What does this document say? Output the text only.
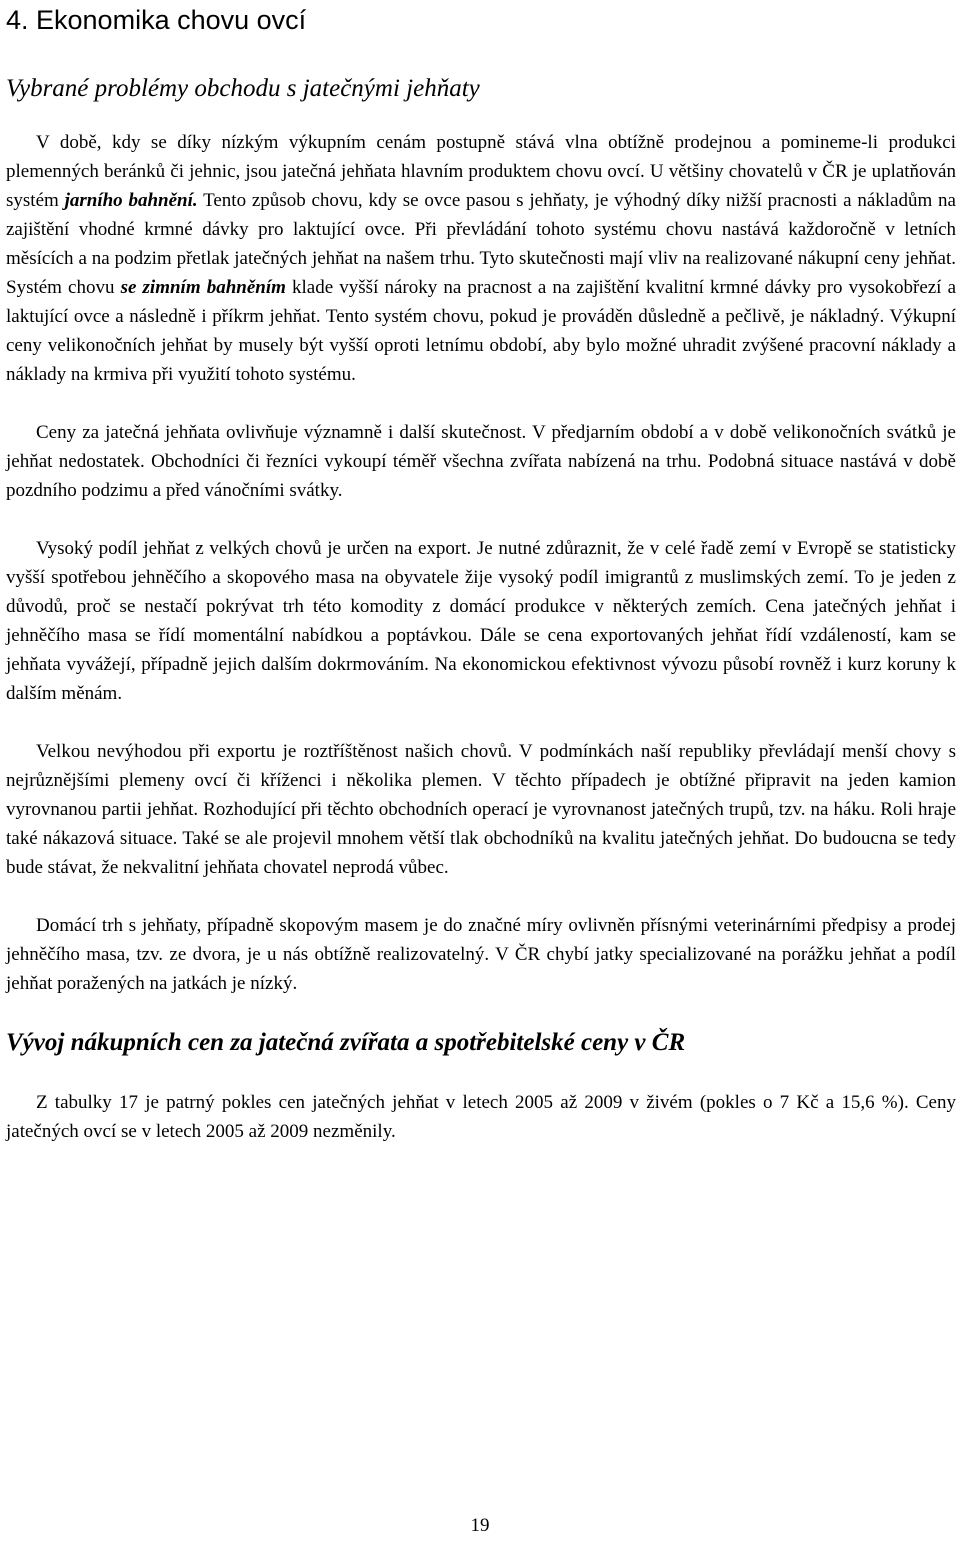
4. Ekonomika chovu ovcí
Vybrané problémy obchodu s jatečnými jehňaty

V době, kdy se díky nízkým výkupním cenám postupně stává vlna obtížně prodejnou a pomineme-li produkci plemenných beránků či jehnic, jsou jatečná jehňata hlavním produktem chovu ovcí. U většiny chovatelů v ČR je uplatňován systém jarního bahnění. Tento způsob chovu, kdy se ovce pasou s jehňaty, je výhodný díky nižší pracnosti a nákladům na zajištění vhodné krmné dávky pro laktující ovce. Při převládání tohoto systému chovu nastává každoročně v letních měsících a na podzim přetlak jatečných jehňat na našem trhu. Tyto skutečnosti mají vliv na realizované nákupní ceny jehňat. Systém chovu se zimním bahněním klade vyšší nároky na pracnost a na zajištění kvalitní krmné dávky pro vysokobřezí a laktující ovce a následně i příkrm jehňat. Tento systém chovu, pokud je prováděn důsledně a pečlivě, je nákladný. Výkupní ceny velikonočních jehňat by musely být vyšší oproti letnímu období, aby bylo možné uhradit zvýšené pracovní náklady a náklady na krmiva při využití tohoto systému.

Ceny za jatečná jehňata ovlivňuje významně i další skutečnost. V předjarním období a v době velikonočních svátků je jehňat nedostatek. Obchodníci či řezníci vykoupí téměř všechna zvířata nabízená na trhu. Podobná situace nastává v době pozdního podzimu a před vánočními svátky.

Vysoký podíl jehňat z velkých chovů je určen na export. Je nutné zdůraznit, že v celé řadě zemí v Evropě se statisticky vyšší spotřebou jehněčího a skopového masa na obyvatele žije vysoký podíl imigrantů z muslimských zemí. To je jeden z důvodů, proč se nestačí pokrývat trh této komodity z domácí produkce v některých zemích. Cena jatečných jehňat i jehněčího masa se řídí momentální nabídkou a poptávkou. Dále se cena exportovaných jehňat řídí vzdáleností, kam se jehňata vyvážejí, případně jejich dalším dokrmováním. Na ekonomickou efektivnost vývozu působí rovněž i kurz koruny k dalším měnám.

Velkou nevýhodou při exportu je roztříštěnost našich chovů. V podmínkách naší republiky převládají menší chovy s nejrůznějšími plemeny ovcí či kříženci i několika plemen. V těchto případech je obtížné připravit na jeden kamion vyrovnanou partii jehňat. Rozhodující při těchto obchodních operací je vyrovnanost jatečných trupů, tzv. na háku. Roli hraje také nákazová situace. Také se ale projevil mnohem větší tlak obchodníků na kvalitu jatečných jehňat. Do budoucna se tedy bude stávat, že nekvalitní jehňata chovatel neprodá vůbec.

Domácí trh s jehňaty, případně skopovým masem je do značné míry ovlivněn přísnými veterinárními předpisy a prodej jehněčího masa, tzv. ze dvora, je u nás obtížně realizovatelný. V ČR chybí jatky specializované na porážku jehňat a podíl jehňat poražených na jatkách je nízký.

Vývoj nákupních cen za jatečná zvířata a spotřebitelské ceny v ČR

Z tabulky 17 je patrný pokles cen jatečných jehňat v letech 2005 až 2009 v živém (pokles o 7 Kč a 15,6 %). Ceny jatečných ovcí se v letech 2005 až 2009 nezměnily.

19
